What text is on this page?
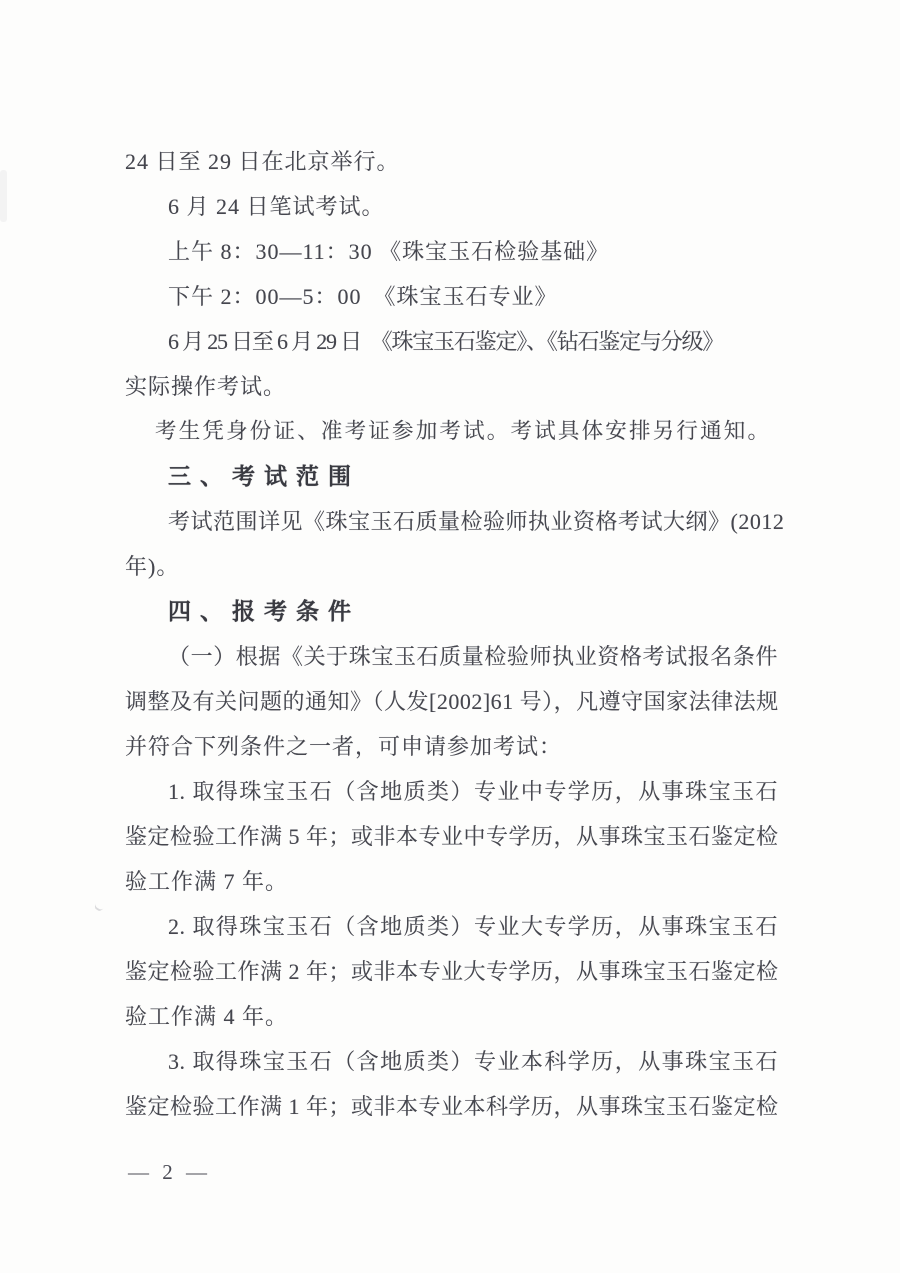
24 日至 29 日在北京举行。
6 月 24 日笔试考试。
上午 8：30—11：30 《珠宝玉石检验基础》
下午 2：00—5：00　《珠宝玉石专业》
6 月 25 日至 6 月 29 日　《珠宝玉石鉴定》、《钻石鉴定与分级》
实际操作考试。
考生凭身份证、准考证参加考试。考试具体安排另行通知。
三、考试范围
考试范围详见《珠宝玉石质量检验师执业资格考试大纲》(2012
年)。
四、报考条件
（一）根据《关于珠宝玉石质量检验师执业资格考试报名条件
调整及有关问题的通知》（人发[2002]61 号），凡遵守国家法律法规
并符合下列条件之一者，可申请参加考试：
1. 取得珠宝玉石（含地质类）专业中专学历，从事珠宝玉石
鉴定检验工作满 5 年；或非本专业中专学历，从事珠宝玉石鉴定检
验工作满 7 年。
2. 取得珠宝玉石（含地质类）专业大专学历，从事珠宝玉石
鉴定检验工作满 2 年；或非本专业大专学历，从事珠宝玉石鉴定检
验工作满 4 年。
3. 取得珠宝玉石（含地质类）专业本科学历，从事珠宝玉石
鉴定检验工作满 1 年；或非本专业本科学历，从事珠宝玉石鉴定检
— 2 —
